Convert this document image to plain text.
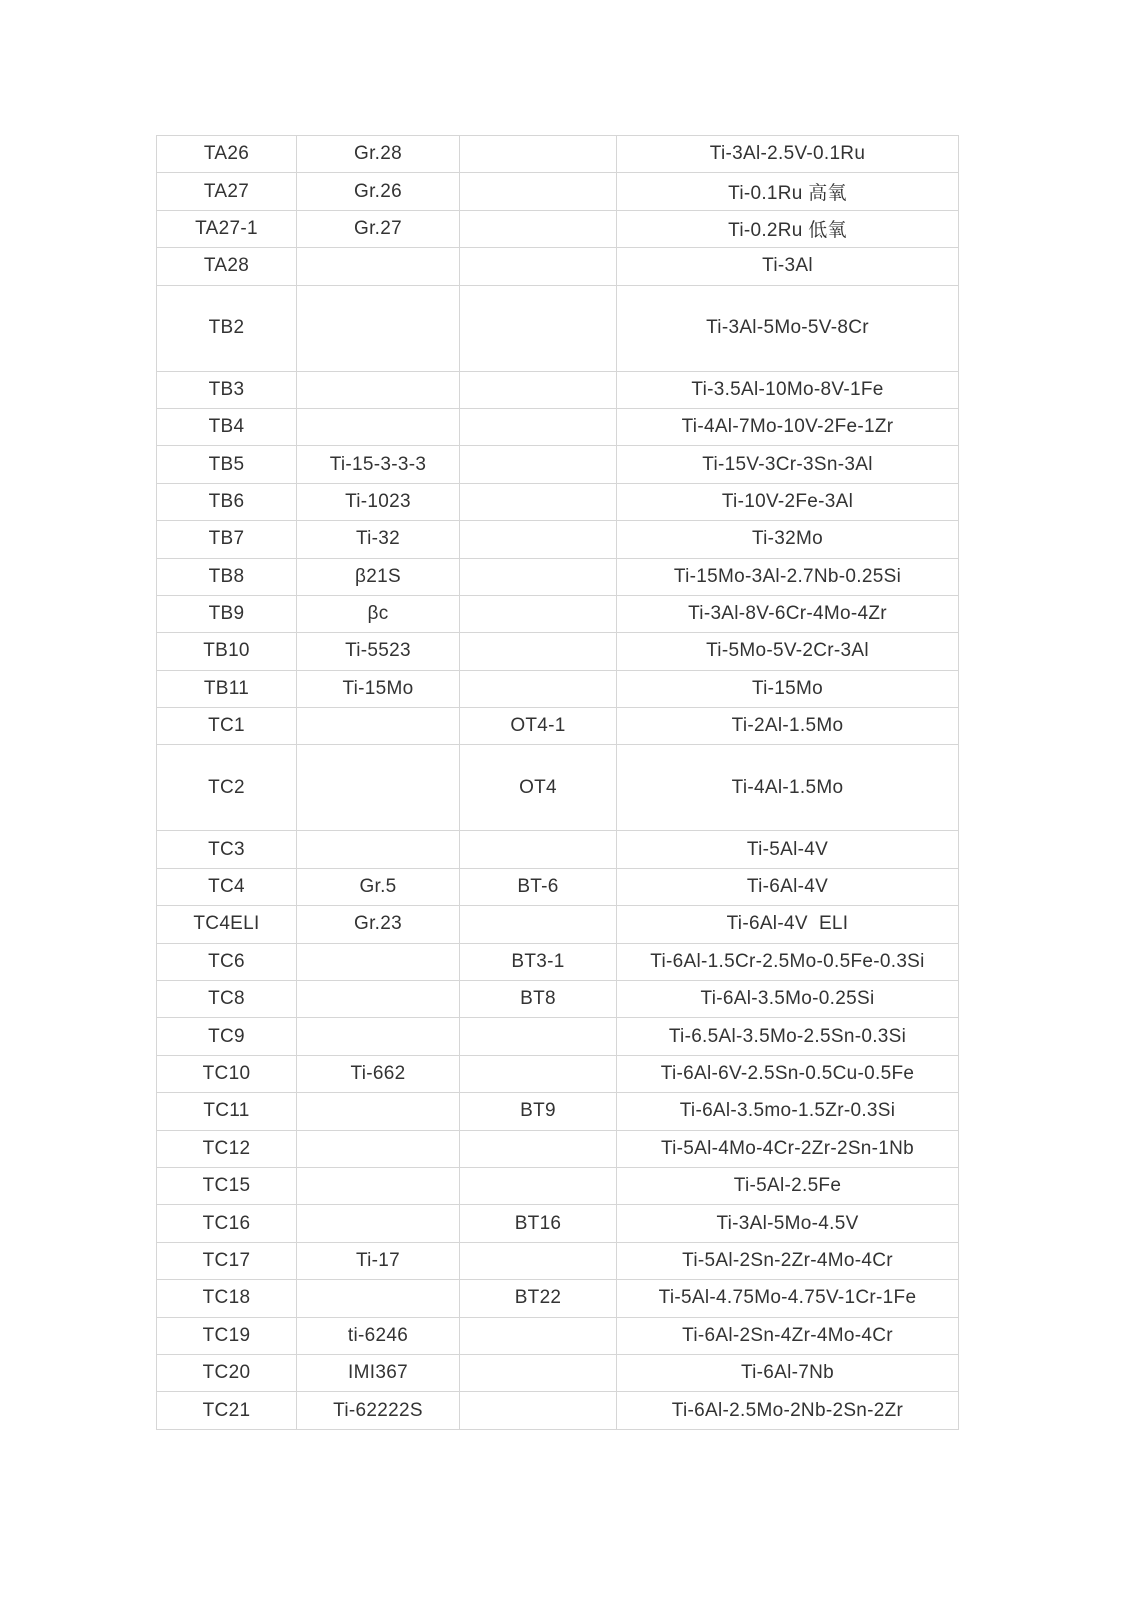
TA26	Gr.28		Ti-3Al-2.5V-0.1Ru
TA27	Gr.26		Ti-0.1Ru 高氧
TA27-1	Gr.27		Ti-0.2Ru 低氧
TA28			Ti-3Al
TB2			Ti-3Al-5Mo-5V-8Cr
TB3			Ti-3.5Al-10Mo-8V-1Fe
TB4			Ti-4Al-7Mo-10V-2Fe-1Zr
TB5	Ti-15-3-3-3		Ti-15V-3Cr-3Sn-3Al
TB6	Ti-1023		Ti-10V-2Fe-3Al
TB7	Ti-32		Ti-32Mo
TB8	β21S		Ti-15Mo-3Al-2.7Nb-0.25Si
TB9	βc		Ti-3Al-8V-6Cr-4Mo-4Zr
TB10	Ti-5523		Ti-5Mo-5V-2Cr-3Al
TB11	Ti-15Mo		Ti-15Mo
TC1		OT4-1	Ti-2Al-1.5Mo
TC2		OT4	Ti-4Al-1.5Mo
TC3			Ti-5Al-4V
TC4	Gr.5	BT-6	Ti-6Al-4V
TC4ELI	Gr.23		Ti-6Al-4V  ELI
TC6		BT3-1	Ti-6Al-1.5Cr-2.5Mo-0.5Fe-0.3Si
TC8		BT8	Ti-6Al-3.5Mo-0.25Si
TC9			Ti-6.5Al-3.5Mo-2.5Sn-0.3Si
TC10	Ti-662		Ti-6Al-6V-2.5Sn-0.5Cu-0.5Fe
TC11		BT9	Ti-6Al-3.5mo-1.5Zr-0.3Si
TC12			Ti-5Al-4Mo-4Cr-2Zr-2Sn-1Nb
TC15			Ti-5Al-2.5Fe
TC16		BT16	Ti-3Al-5Mo-4.5V
TC17	Ti-17		Ti-5Al-2Sn-2Zr-4Mo-4Cr
TC18		BT22	Ti-5Al-4.75Mo-4.75V-1Cr-1Fe
TC19	ti-6246		Ti-6Al-2Sn-4Zr-4Mo-4Cr
TC20	IMI367		Ti-6Al-7Nb
TC21	Ti-62222S		Ti-6Al-2.5Mo-2Nb-2Sn-2Zr
